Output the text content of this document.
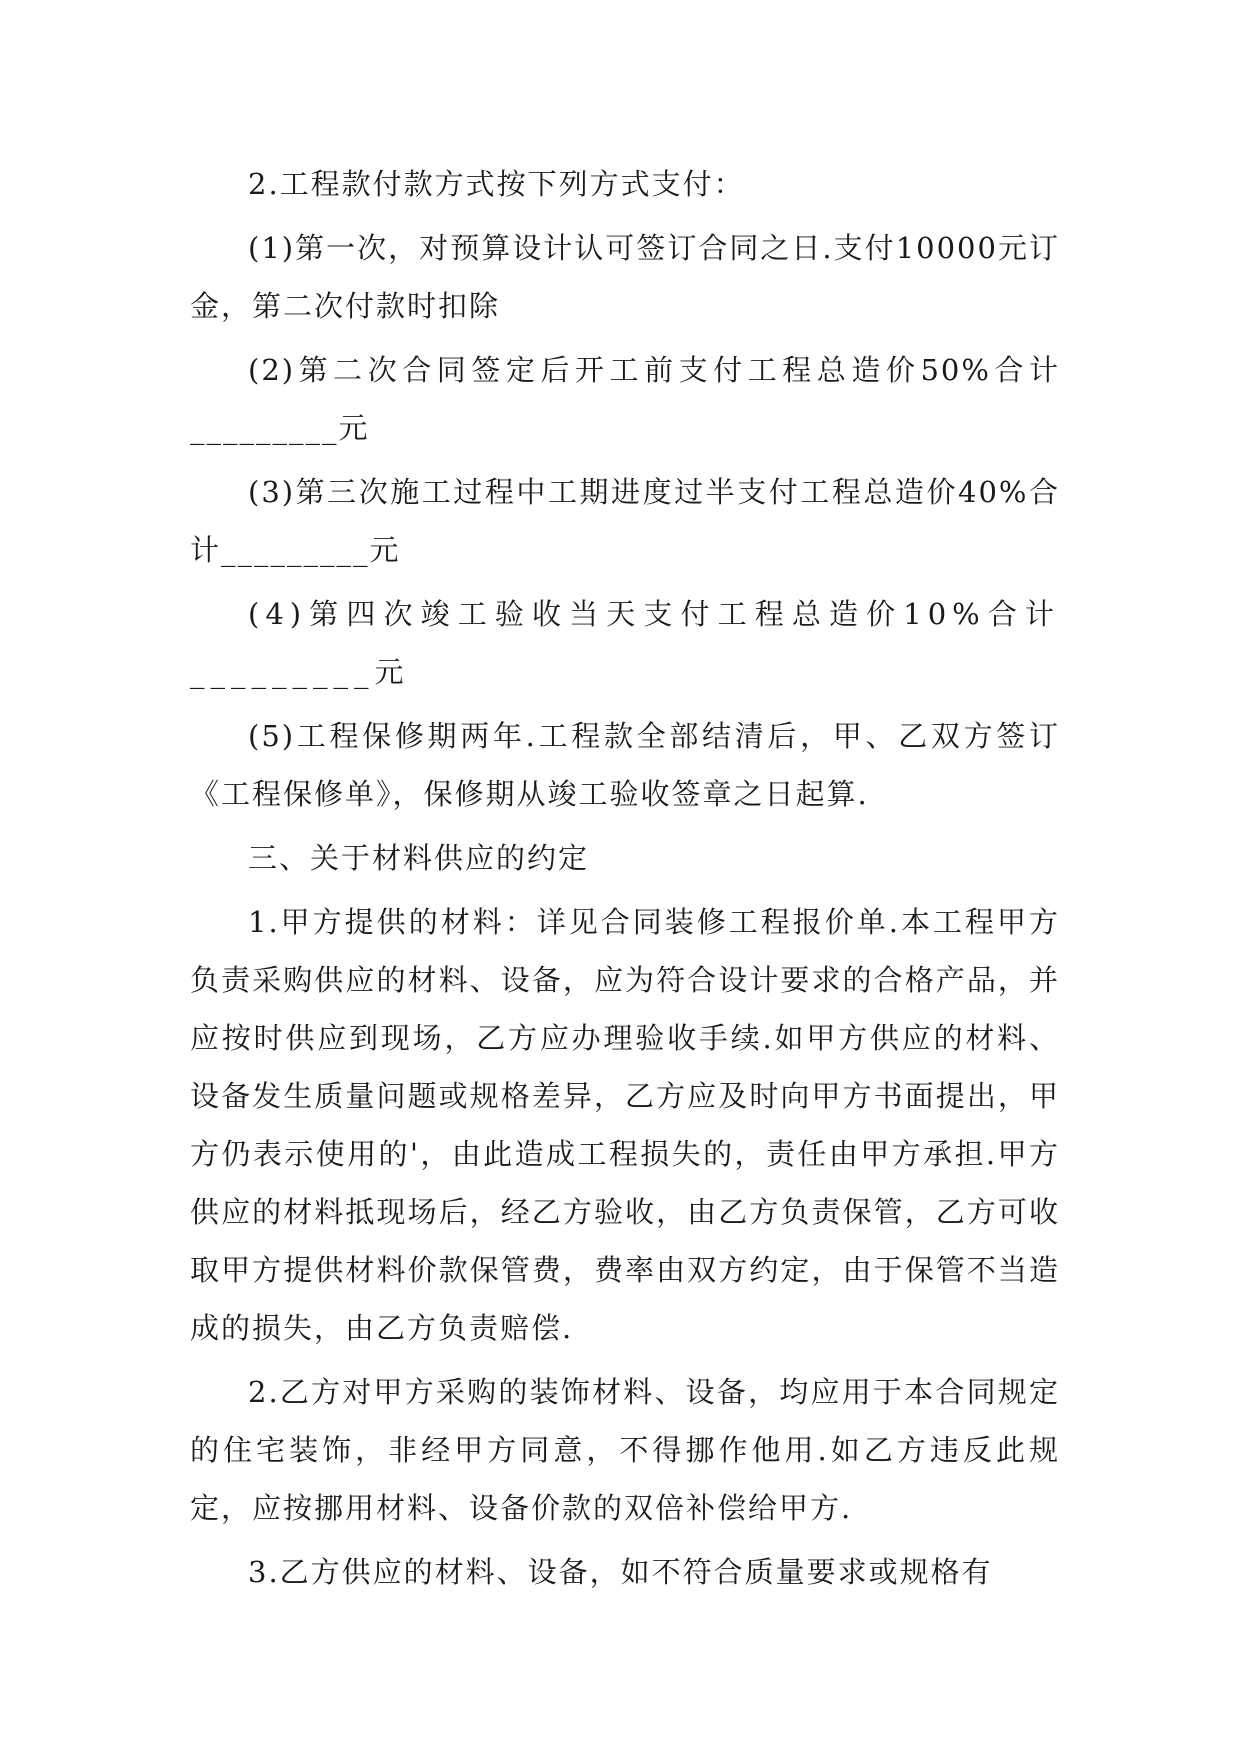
2.工程款付款方式按下列方式支付：

(1)第一次，对预算设计认可签订合同之日.支付10000元订金，第二次付款时扣除

(2)第二次合同签定后开工前支付工程总造价50%合计_________元

(3)第三次施工过程中工期进度过半支付工程总造价40%合计_________元

(4)第四次竣工验收当天支付工程总造价10%合计_________元

(5)工程保修期两年.工程款全部结清后，甲、乙双方签订《工程保修单》，保修期从竣工验收签章之日起算.

三、关于材料供应的约定

1.甲方提供的材料：详见合同装修工程报价单.本工程甲方负责采购供应的材料、设备，应为符合设计要求的合格产品，并应按时供应到现场，乙方应办理验收手续.如甲方供应的材料、设备发生质量问题或规格差异，乙方应及时向甲方书面提出，甲方仍表示使用的'，由此造成工程损失的，责任由甲方承担.甲方供应的材料抵现场后，经乙方验收，由乙方负责保管，乙方可收取甲方提供材料价款保管费，费率由双方约定，由于保管不当造成的损失，由乙方负责赔偿.

2.乙方对甲方采购的装饰材料、设备，均应用于本合同规定的住宅装饰，非经甲方同意，不得挪作他用.如乙方违反此规定，应按挪用材料、设备价款的双倍补偿给甲方.

3.乙方供应的材料、设备，如不符合质量要求或规格有
